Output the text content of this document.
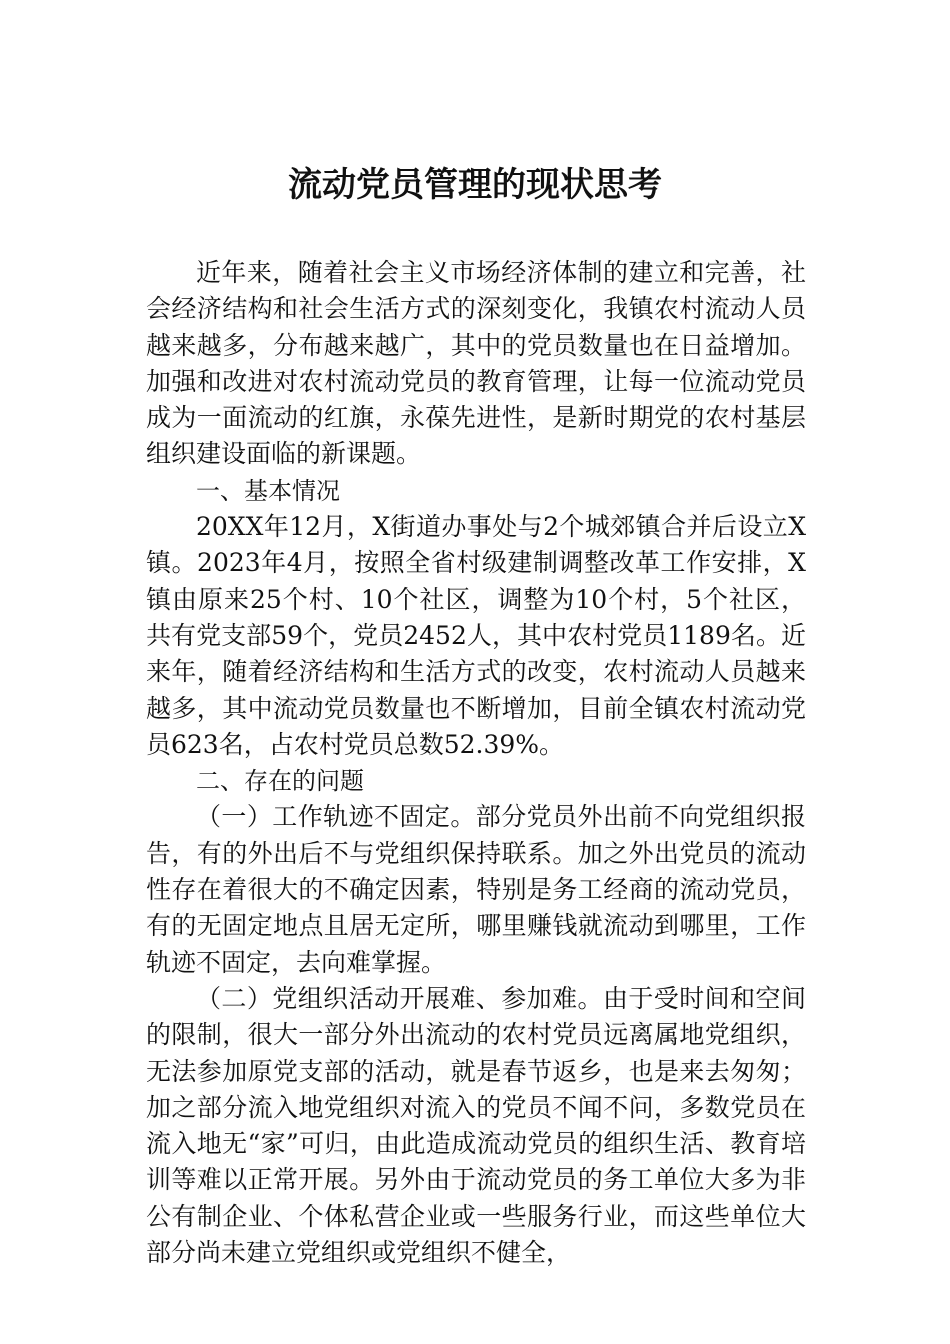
流动党员管理的现状思考

近年来，随着社会主义市场经济体制的建立和完善，社会经济结构和社会生活方式的深刻变化，我镇农村流动人员越来越多，分布越来越广，其中的党员数量也在日益增加。加强和改进对农村流动党员的教育管理，让每一位流动党员成为一面流动的红旗，永葆先进性，是新时期党的农村基层组织建设面临的新课题。

一、基本情况

20XX年12月，X街道办事处与2个城郊镇合并后设立X镇。2023年4月，按照全省村级建制调整改革工作安排，X镇由原来25个村、10个社区，调整为10个村，5个社区，共有党支部59个，党员2452人，其中农村党员1189名。近来年，随着经济结构和生活方式的改变，农村流动人员越来越多，其中流动党员数量也不断增加，目前全镇农村流动党员623名，占农村党员总数52.39%。

二、存在的问题

（一）工作轨迹不固定。部分党员外出前不向党组织报告，有的外出后不与党组织保持联系。加之外出党员的流动性存在着很大的不确定因素，特别是务工经商的流动党员，有的无固定地点且居无定所，哪里赚钱就流动到哪里，工作轨迹不固定，去向难掌握。

（二）党组织活动开展难、参加难。由于受时间和空间的限制，很大一部分外出流动的农村党员远离属地党组织，无法参加原党支部的活动，就是春节返乡，也是来去匆匆；加之部分流入地党组织对流入的党员不闻不问，多数党员在流入地无“家”可归，由此造成流动党员的组织生活、教育培训等难以正常开展。另外由于流动党员的务工单位大多为非公有制企业、个体私营企业或一些服务行业，而这些单位大部分尚未建立党组织或党组织不健全，
